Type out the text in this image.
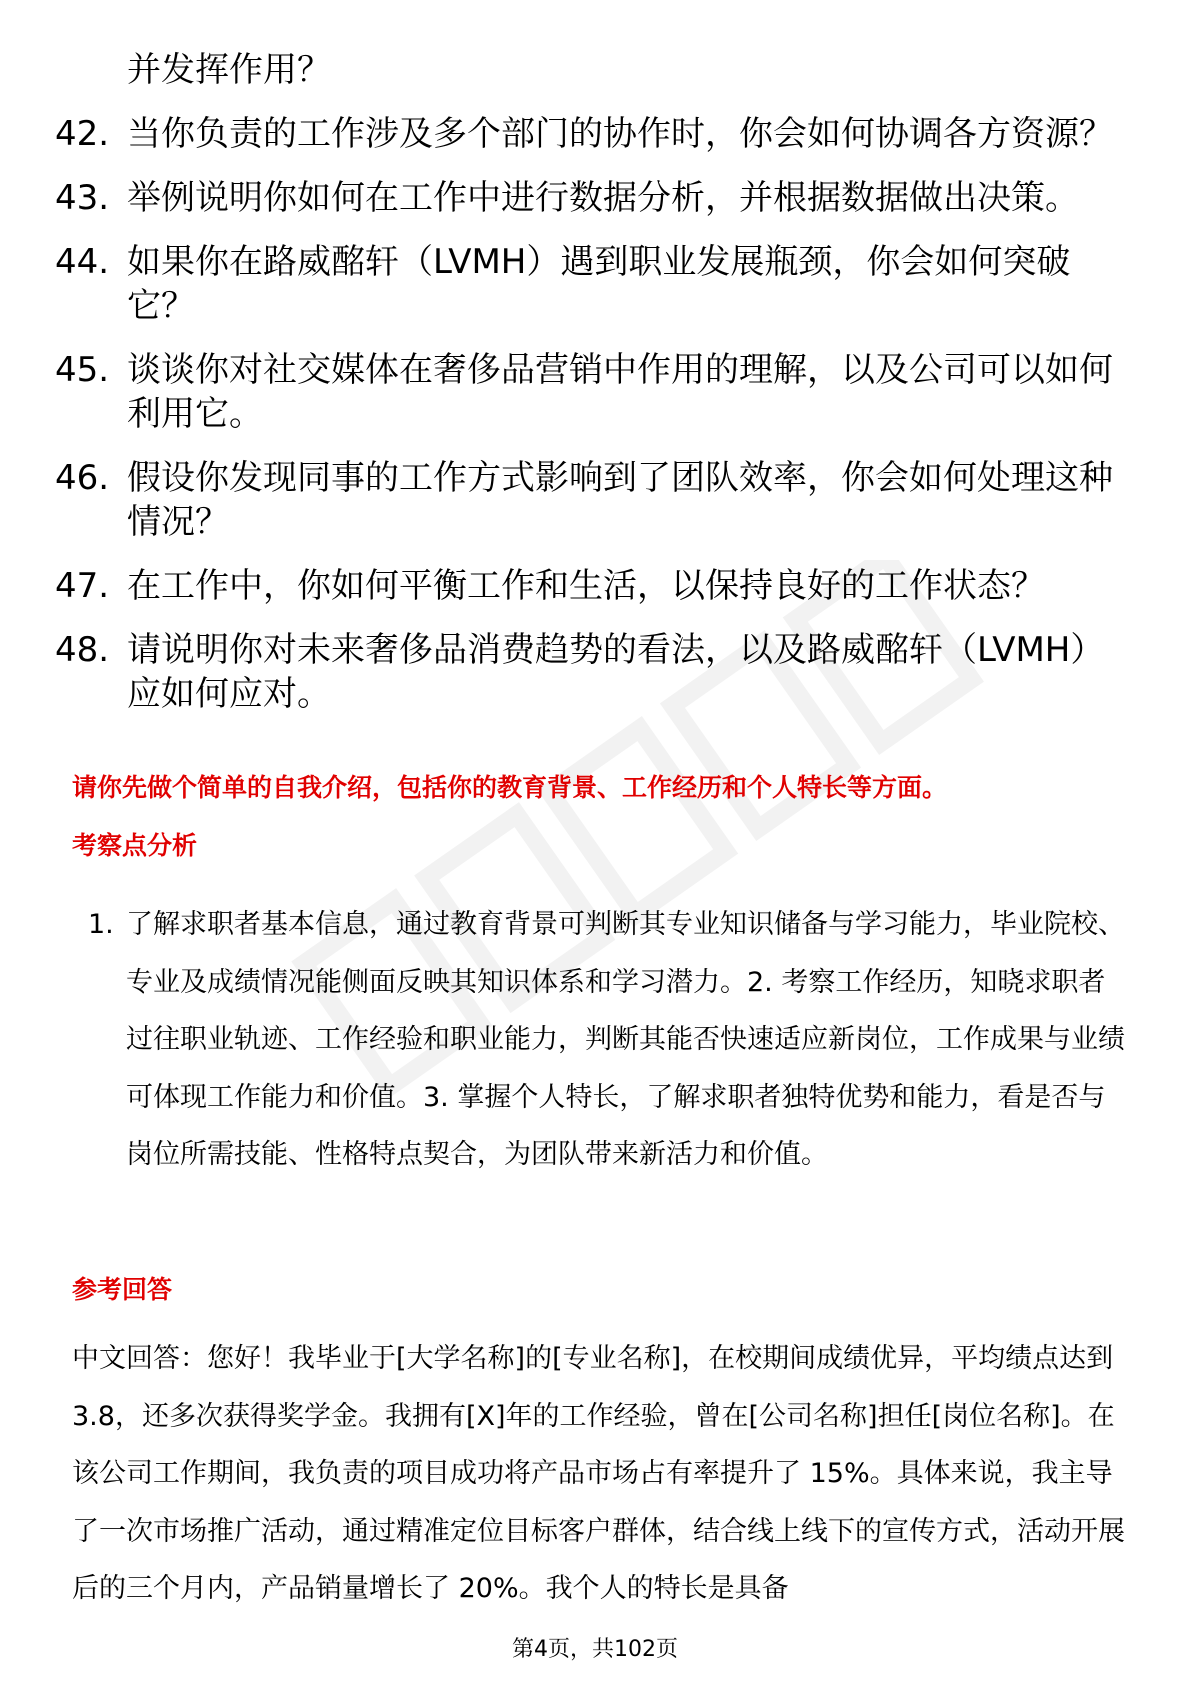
并发挥作用？
42. 当你负责的工作涉及多个部门的协作时，你会如何协调各方资源？
43. 举例说明你如何在工作中进行数据分析，并根据数据做出决策。
44. 如果你在路威酩轩（LVMH）遇到职业发展瓶颈，你会如何突破它？
45. 谈谈你对社交媒体在奢侈品营销中作用的理解，以及公司可以如何利用它。
46. 假设你发现同事的工作方式影响到了团队效率，你会如何处理这种情况？
47. 在工作中，你如何平衡工作和生活，以保持良好的工作状态？
48. 请说明你对未来奢侈品消费趋势的看法，以及路威酩轩（LVMH）应如何应对。
请你先做个简单的自我介绍，包括你的教育背景、工作经历和个人特长等方面。
考察点分析
1. 了解求职者基本信息，通过教育背景可判断其专业知识储备与学习能力，毕业院校、专业及成绩情况能侧面反映其知识体系和学习潜力。2. 考察工作经历，知晓求职者过往职业轨迹、工作经验和职业能力，判断其能否快速适应新岗位，工作成果与业绩可体现工作能力和价值。3. 掌握个人特长，了解求职者独特优势和能力，看是否与岗位所需技能、性格特点契合，为团队带来新活力和价值。
参考回答
中文回答：您好！我毕业于[大学名称]的[专业名称]，在校期间成绩优异，平均绩点达到 3.8，还多次获得奖学金。我拥有[X]年的工作经验，曾在[公司名称]担任[岗位名称]。在该公司工作期间，我负责的项目成功将产品市场占有率提升了 15%。具体来说，我主导了一次市场推广活动，通过精准定位目标客户群体，结合线上线下的宣传方式，活动开展后的三个月内，产品销量增长了 20%。我个人的特长是具备
第4页，共102页
